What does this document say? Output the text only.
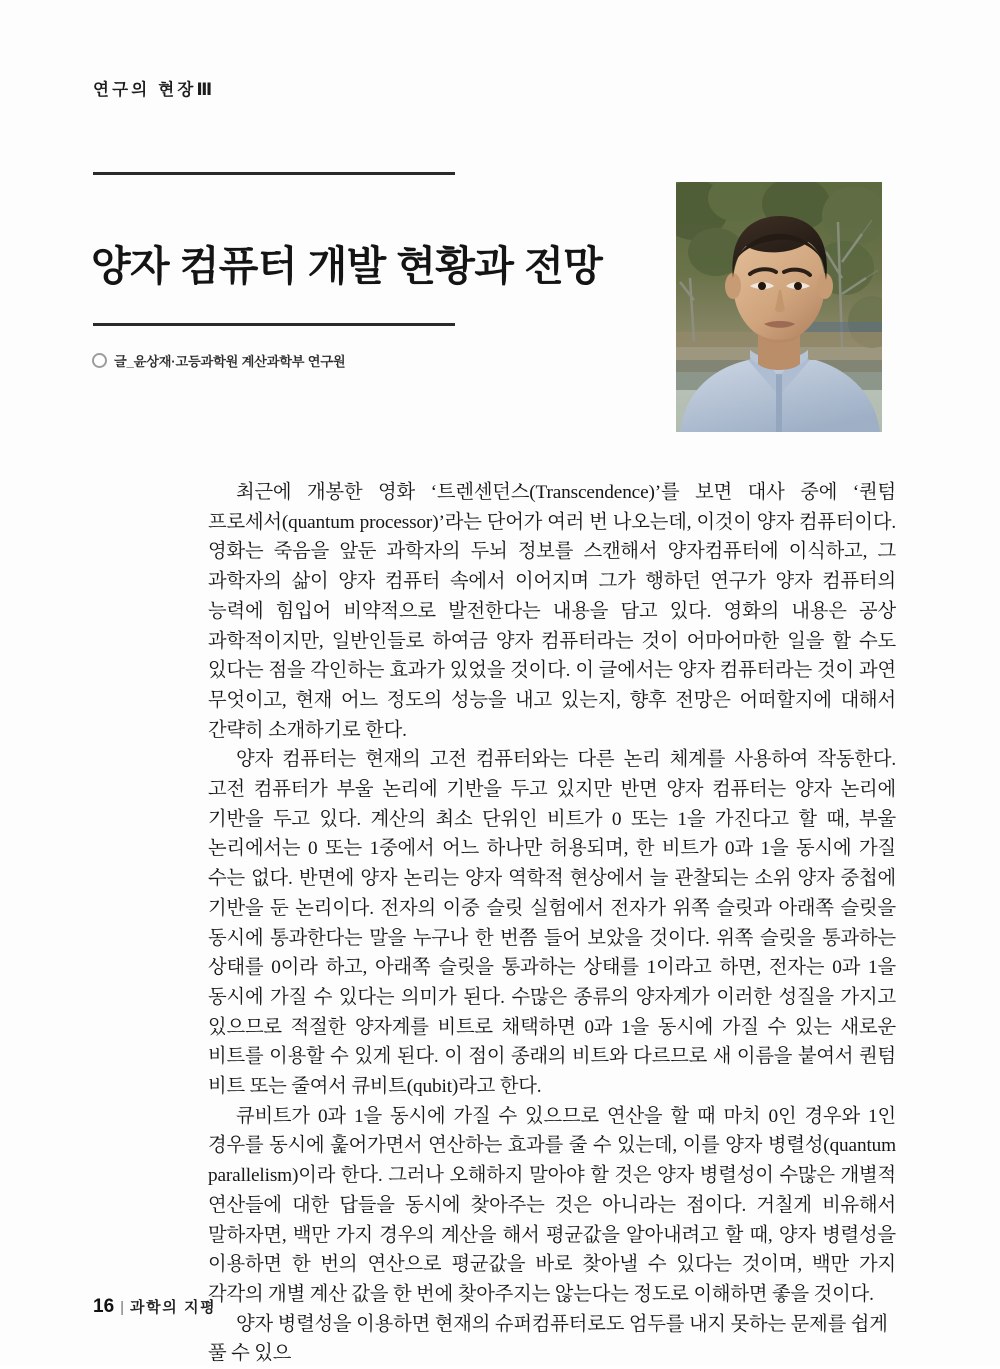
연구의 현장Ⅲ
양자 컴퓨터 개발 현황과 전망
글_윤상재·고등과학원 계산과학부 연구원

최근에 개봉한 영화 ‘트렌센던스(Transcendence)’를 보면 대사 중에 ‘퀀텀 프로세서(quantum processor)’라는 단어가 여러 번 나오는데, 이것이 양자 컴퓨터이다. 영화는 죽음을 앞둔 과학자의 두뇌 정보를 스캔해서 양자컴퓨터에 이식하고, 그 과학자의 삶이 양자 컴퓨터 속에서 이어지며 그가 행하던 연구가 양자 컴퓨터의 능력에 힘입어 비약적으로 발전한다는 내용을 담고 있다. 영화의 내용은 공상 과학적이지만, 일반인들로 하여금 양자 컴퓨터라는 것이 어마어마한 일을 할 수도 있다는 점을 각인하는 효과가 있었을 것이다. 이 글에서는 양자 컴퓨터라는 것이 과연 무엇이고, 현재 어느 정도의 성능을 내고 있는지, 향후 전망은 어떠할지에 대해서 간략히 소개하기로 한다.

양자 컴퓨터는 현재의 고전 컴퓨터와는 다른 논리 체계를 사용하여 작동한다. 고전 컴퓨터가 부울 논리에 기반을 두고 있지만 반면 양자 컴퓨터는 양자 논리에 기반을 두고 있다. 계산의 최소 단위인 비트가 0 또는 1을 가진다고 할 때, 부울 논리에서는 0 또는 1중에서 어느 하나만 허용되며, 한 비트가 0과 1을 동시에 가질 수는 없다. 반면에 양자 논리는 양자 역학적 현상에서 늘 관찰되는 소위 양자 중첩에 기반을 둔 논리이다. 전자의 이중 슬릿 실험에서 전자가 위쪽 슬릿과 아래쪽 슬릿을 동시에 통과한다는 말을 누구나 한 번쯤 들어 보았을 것이다. 위쪽 슬릿을 통과하는 상태를 0이라 하고, 아래쪽 슬릿을 통과하는 상태를 1이라고 하면, 전자는 0과 1을 동시에 가질 수 있다는 의미가 된다. 수많은 종류의 양자계가 이러한 성질을 가지고 있으므로 적절한 양자계를 비트로 채택하면 0과 1을 동시에 가질 수 있는 새로운 비트를 이용할 수 있게 된다. 이 점이 종래의 비트와 다르므로 새 이름을 붙여서 퀀텀 비트 또는 줄여서 큐비트(qubit)라고 한다.

큐비트가 0과 1을 동시에 가질 수 있으므로 연산을 할 때 마치 0인 경우와 1인 경우를 동시에 훑어가면서 연산하는 효과를 줄 수 있는데, 이를 양자 병렬성(quantum parallelism)이라 한다. 그러나 오해하지 말아야 할 것은 양자 병렬성이 수많은 개별적 연산들에 대한 답들을 동시에 찾아주는 것은 아니라는 점이다. 거칠게 비유해서 말하자면, 백만 가지 경우의 계산을 해서 평균값을 알아내려고 할 때, 양자 병렬성을 이용하면 한 번의 연산으로 평균값을 바로 찾아낼 수 있다는 것이며, 백만 가지 각각의 개별 계산 값을 한 번에 찾아주지는 않는다는 정도로 이해하면 좋을 것이다.

양자 병렬성을 이용하면 현재의 슈퍼컴퓨터로도 엄두를 내지 못하는 문제를 쉽게 풀 수 있으

16 | 과학의 지평
